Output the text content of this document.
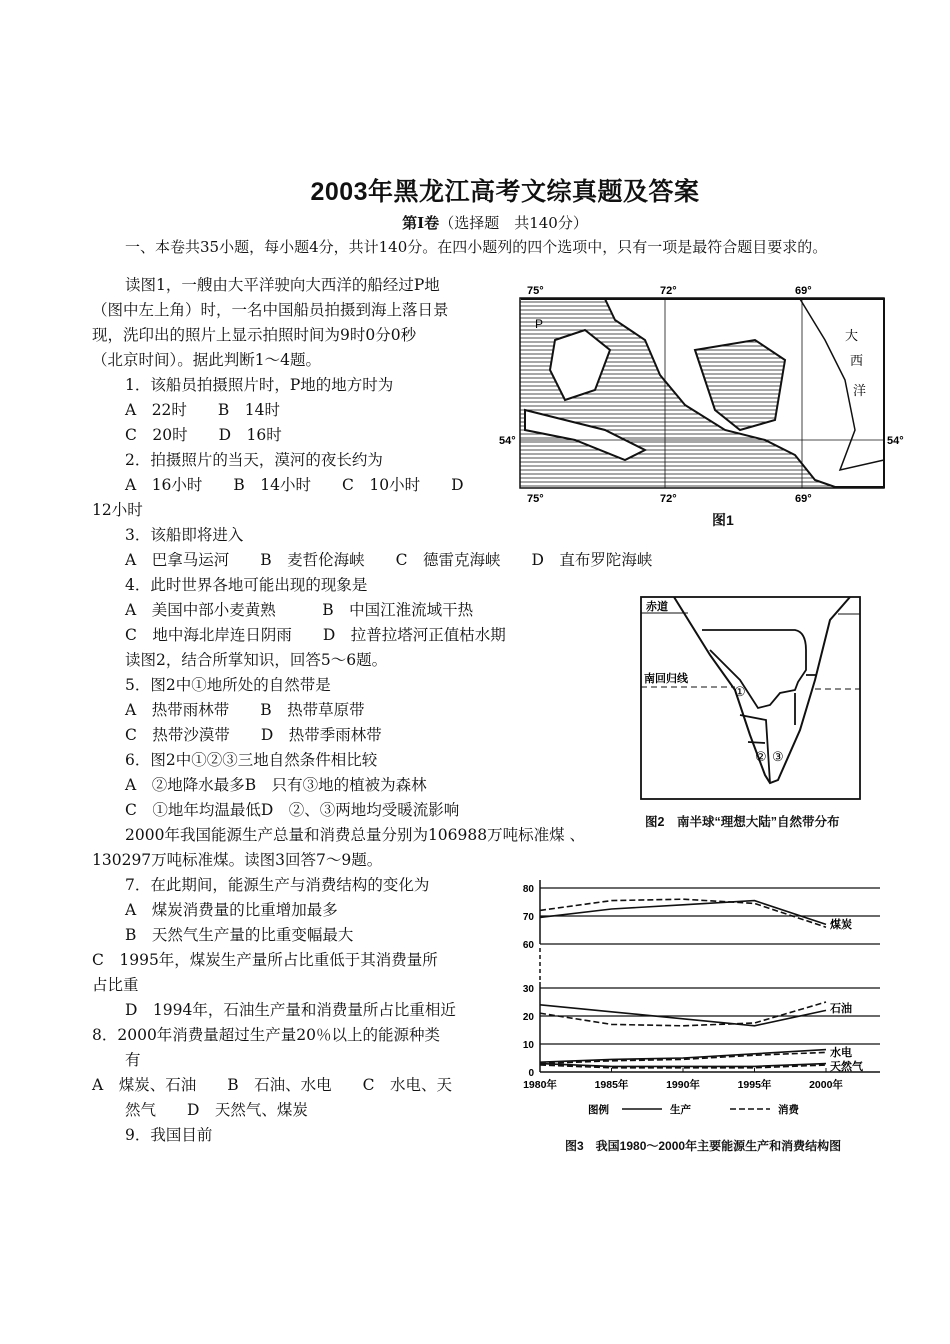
2003年黑龙江高考文综真题及答案
第Ⅰ卷（选择题　共140分）
一、本卷共35小题，每小题4分，共计140分。在四小题列的四个选项中，只有一项是最符合题目要求的。
读图1，一艘由大平洋驶向大西洋的船经过P地
（图中左上角）时，一名中国船员拍摄到海上落日景
现，洗印出的照片上显示拍照时间为9时0分0秒
（北京时间）。据此判断1～4题。
1．该船员拍摄照片时，P地的地方时为
A　22时　　B　14时
C　20时　　D　16时
2．拍摄照片的当天，漠河的夜长约为
A　16小时　　B　14小时　　C　10小时　　D
12小时
3．该船即将进入
A　巴拿马运河　　B　麦哲伦海峡　　C　德雷克海峡　　D　直布罗陀海峡
4．此时世界各地可能出现的现象是
A　美国中部小麦黄熟　　　B　中国江淮流域干热
C　地中海北岸连日阴雨　　D　拉普拉塔河正值枯水期
读图2，结合所掌知识，回答5～6题。
5．图2中①地所处的自然带是
A　热带雨林带　　B　热带草原带
C　热带沙漠带　　D　热带季雨林带
6．图2中①②③三地自然条件相比较
A　②地降水最多B　只有③地的植被为森林
C　①地年均温最低D　②、③两地均受暖流影响
2000年我国能源生产总量和消费总量分别为106988万吨标准煤 、
130297万吨标准煤。读图3回答7～9题。
7．在此期间，能源生产与消费结构的变化为
A　煤炭消费量的比重增加最多
B　天然气生产量的比重变幅最大
C　1995年，煤炭生产量所占比重低于其消费量所
占比重
D　1994年，石油生产量和消费量所占比重相近
8．2000年消费量超过生产量20％以上的能源种类
有
A　煤炭、石油　　B　石油、水电　　C　水电、天
然气　　D　天然气、煤炭
9．我国目前
75°	72°	69°
75°	72°	69°
54°	54°
P
大
西
洋
图1
赤道
南回归线
①
② ③
图2　南半球“理想大陆”自然带分布
0
10
20
30
60
70
80
1980年	1985年	1990年	1995年	2000年
煤炭
石油
水电
天然气
图例	生产	消费
图3　我国1980～2000年主要能源生产和消费结构图
